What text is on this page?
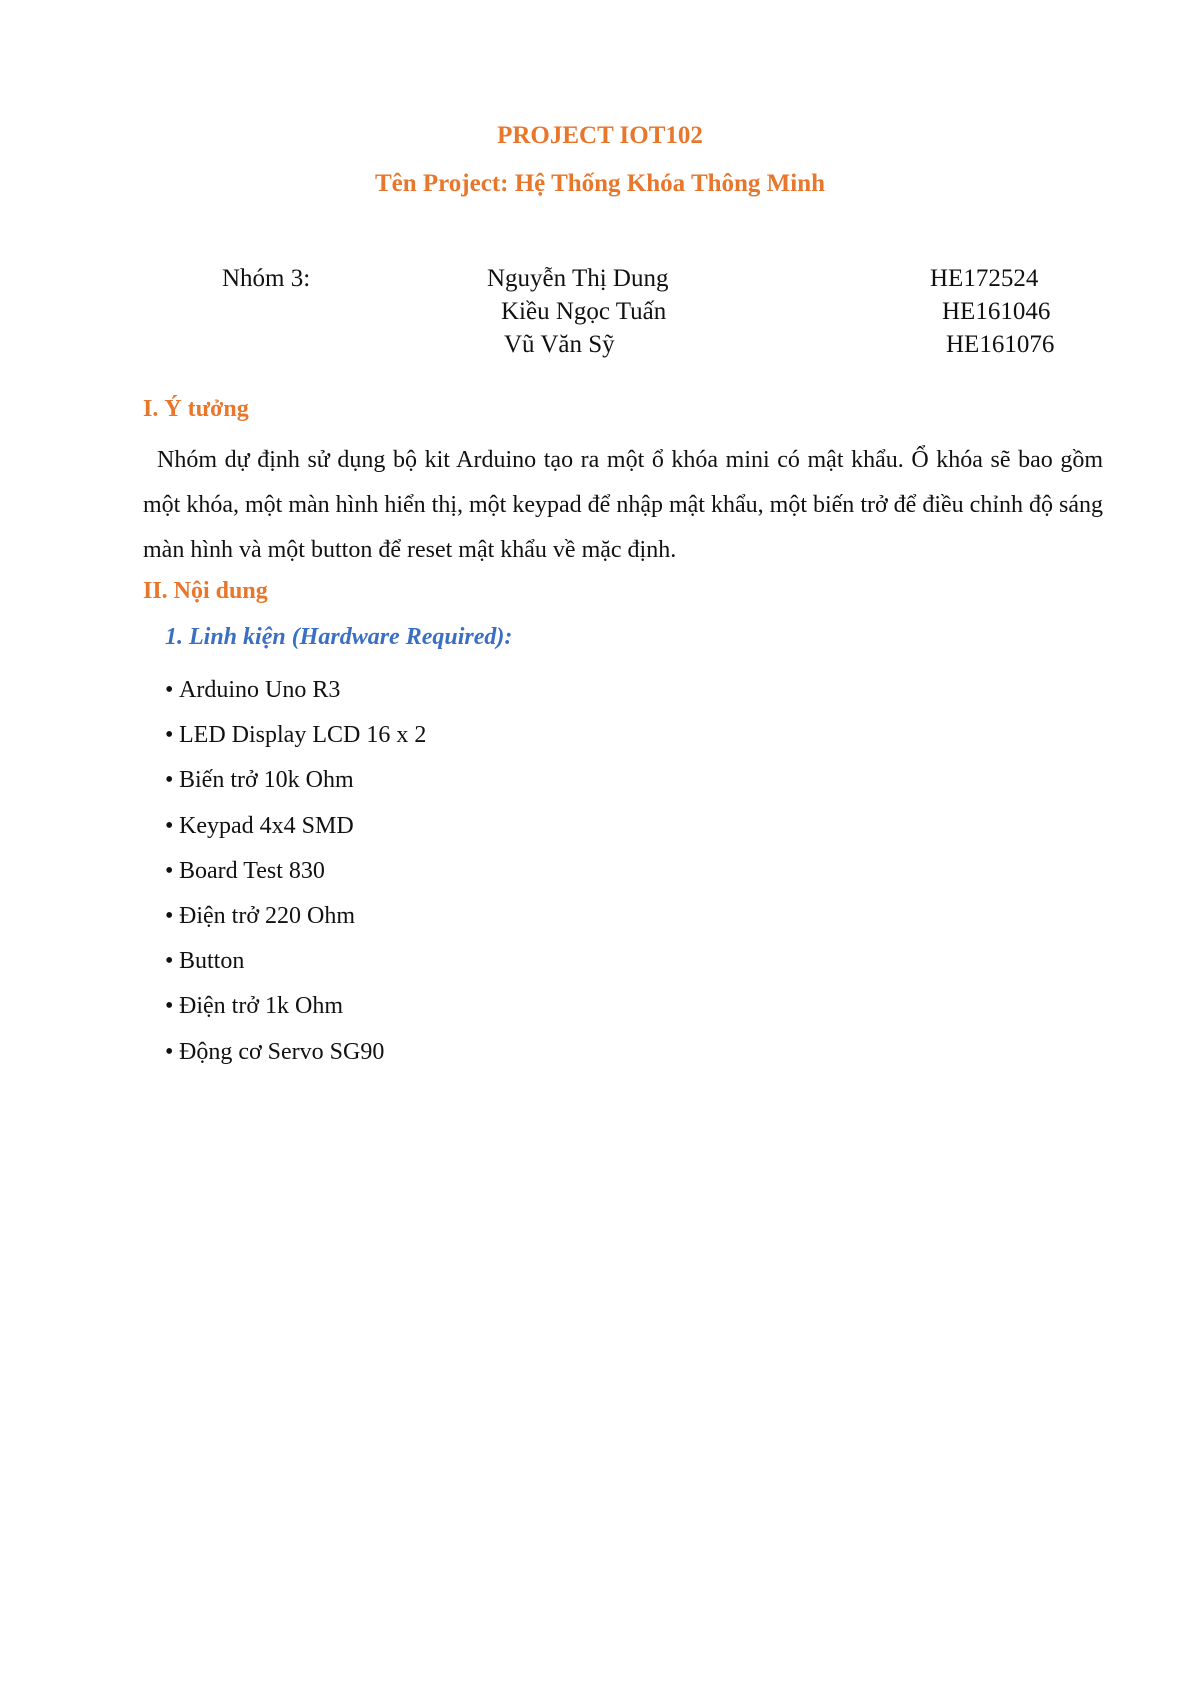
PROJECT IOT102

Tên Project: Hệ Thống Khóa Thông Minh

Nhóm 3:	Nguyễn Thị Dung	HE172524
Kiều Ngọc Tuấn	HE161046
Vũ Văn Sỹ	HE161076

I. Ý tưởng

Nhóm dự định sử dụng bộ kit Arduino tạo ra một ổ khóa mini có mật khẩu. Ổ khóa sẽ bao gồm một khóa, một màn hình hiển thị, một keypad để nhập mật khẩu, một biến trở để điều chỉnh độ sáng màn hình và một button để reset mật khẩu về mặc định.

II. Nội dung

1. Linh kiện (Hardware Required):

• Arduino Uno R3
• LED Display LCD 16 x 2
• Biến trở 10k Ohm
• Keypad 4x4 SMD
• Board Test 830
• Điện trở 220 Ohm
• Button
• Điện trở 1k Ohm
• Động cơ Servo SG90
